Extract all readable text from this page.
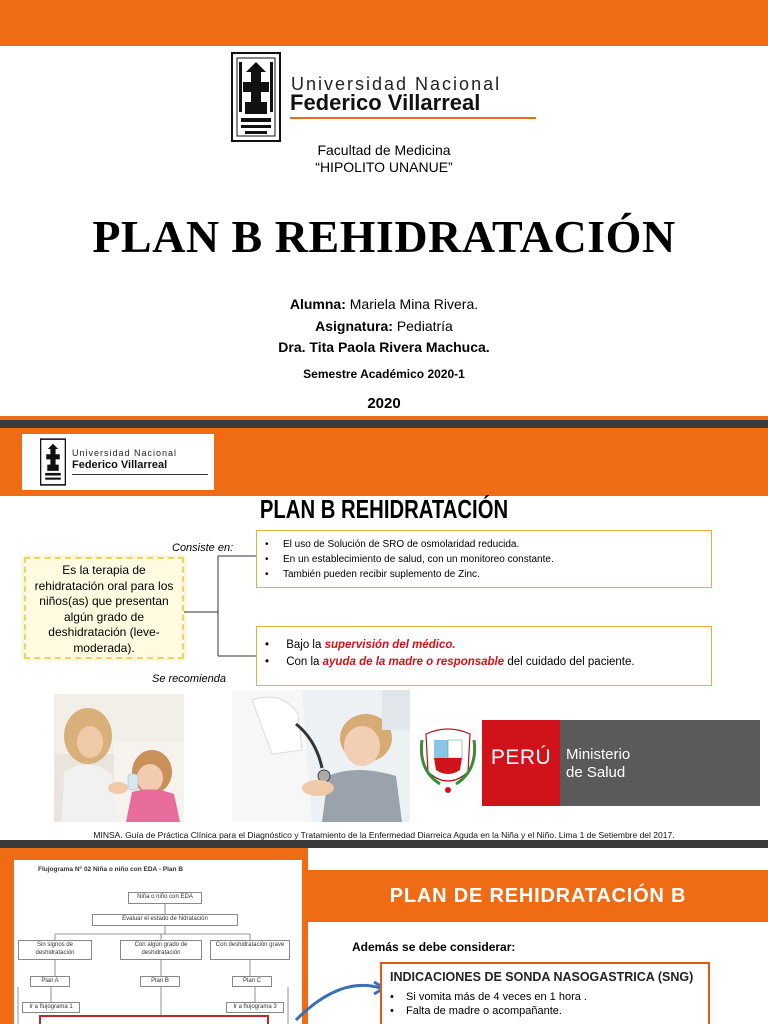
Universidad Nacional
Federico Villarreal
Facultad de Medicina
“HIPOLITO UNANUE”
PLAN B REHIDRATACIÓN
Alumna: Mariela Mina Rivera.
Asignatura: Pediatría
Dra. Tita Paola Rivera Machuca.
Semestre Académico 2020-1
2020
Universidad Nacional
Federico Villarreal
PLAN B REHIDRATACIÓN
Consiste en:
Es la terapia de rehidratación oral para los niños(as) que presentan algún grado de deshidratación (leve-moderada).
• El uso de Solución de SRO de osmolaridad reducida.
• En un establecimiento de salud, con un monitoreo constante.
• También pueden recibir suplemento de Zinc.
• Bajo la supervisión del médico.
• Con la ayuda de la madre o responsable del cuidado del paciente.
Se recomienda
PERÚ Ministerio
de Salud
MINSA. Guía de Práctica Clínica para el Diagnóstico y Tratamiento de la Enfermedad Diarreica Aguda en la Niña y el Niño. Lima 1 de Setiembre del 2017.
Flujograma N° 02 Niña o niño con EDA - Plan B
Niña o niño con EDA
Evaluar el estado de hidratación
Sin signos de deshidratación
Con algún grado de deshidratación
Con deshidratación grave
Plan A	Plan B	Plan C
Ir a flujograma 1	Ir a flujograma 3
PLAN DE REHIDRATACIÓN B
Además se debe considerar:
INDICACIONES DE SONDA NASOGASTRICA (SNG)
• Si vomita más de 4 veces en 1 hora .
• Falta de madre o acompañante.
